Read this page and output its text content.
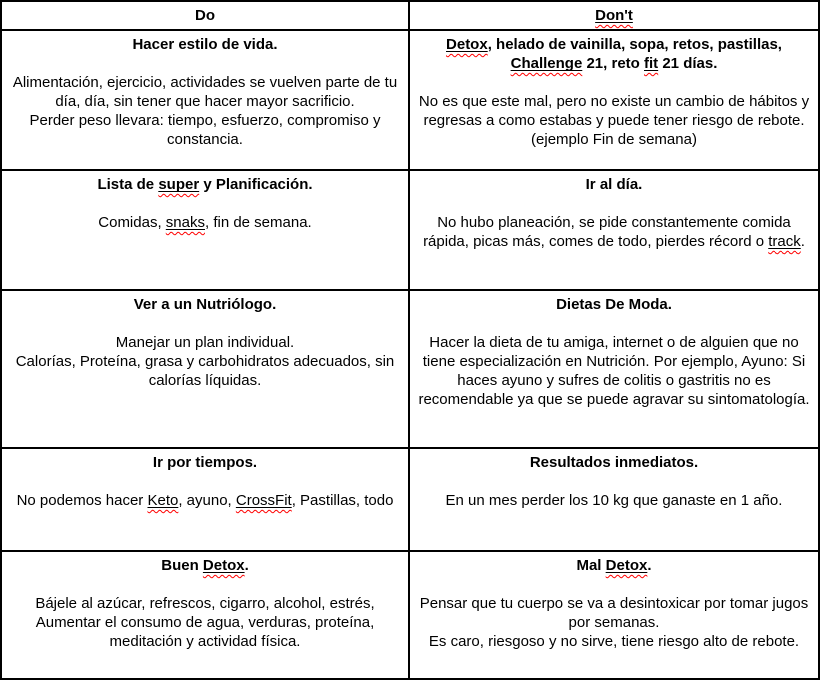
Do	Don't
Hacer estilo de vida.
Alimentación, ejercicio, actividades se vuelven parte de tu día, día, sin tener que hacer mayor sacrificio.
Perder peso llevara: tiempo, esfuerzo, compromiso y constancia.
Detox, helado de vainilla, sopa, retos, pastillas, Challenge 21, reto fit 21 días.
No es que este mal, pero no existe un cambio de hábitos y regresas a como estabas y puede tener riesgo de rebote. (ejemplo Fin de semana)
Lista de super y Planificación.
Comidas, snaks, fin de semana.
Ir al día.
No hubo planeación, se pide constantemente comida rápida, picas más, comes de todo, pierdes récord o track.
Ver a un Nutriólogo.
Manejar un plan individual.
Calorías, Proteína, grasa y carbohidratos adecuados, sin calorías líquidas.
Dietas De Moda.
Hacer la dieta de tu amiga, internet o de alguien que no tiene especialización en Nutrición. Por ejemplo, Ayuno: Si haces ayuno y sufres de colitis o gastritis no es recomendable ya que se puede agravar su sintomatología.
Ir por tiempos.
No podemos hacer Keto, ayuno, CrossFit, Pastillas, todo
Resultados inmediatos.
En un mes perder los 10 kg que ganaste en 1 año.
Buen Detox.
Bájele al azúcar, refrescos, cigarro, alcohol, estrés, Aumentar el consumo de agua, verduras, proteína, meditación y actividad física.
Mal Detox.
Pensar que tu cuerpo se va a desintoxicar por tomar jugos por semanas.
Es caro, riesgoso y no sirve, tiene riesgo alto de rebote.
